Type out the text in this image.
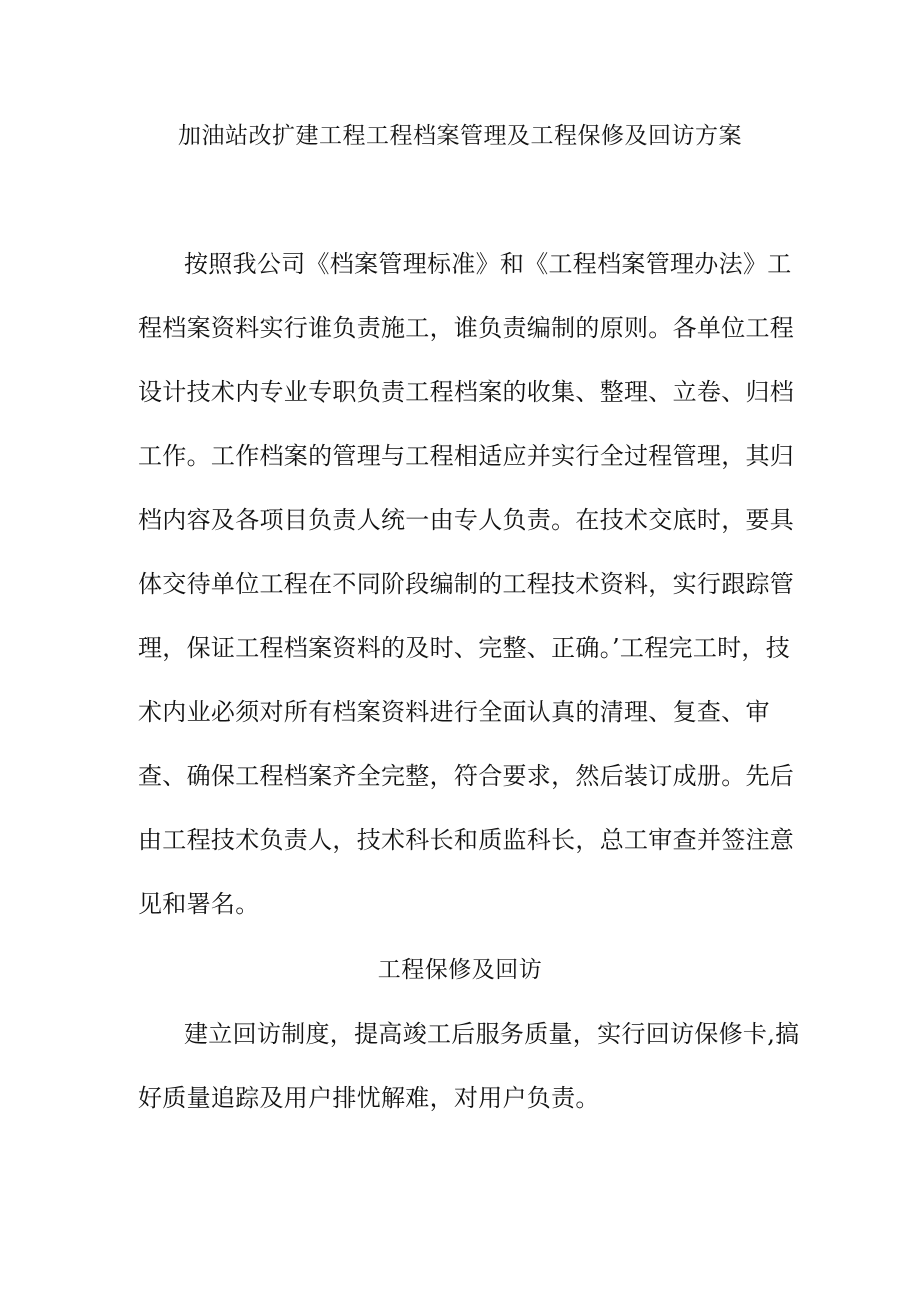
加油站改扩建工程工程档案管理及工程保修及回访方案
按照我公司《档案管理标准》和《工程档案管理办法》工
程档案资料实行谁负责施工，谁负责编制的原则。各单位工程
设计技术内专业专职负责工程档案的收集、整理、立卷、归档
工作。工作档案的管理与工程相适应并实行全过程管理，其归
档内容及各项目负责人统一由专人负责。在技术交底时，要具
体交待单位工程在不同阶段编制的工程技术资料，实行跟踪管
理，保证工程档案资料的及时、完整、正确。’工程完工时，技
术内业必须对所有档案资料进行全面认真的清理、复查、审
查、确保工程档案齐全完整，符合要求，然后装订成册。先后
由工程技术负责人，技术科长和质监科长，总工审查并签注意
见和署名。
工程保修及回访
建立回访制度，提高竣工后服务质量，实行回访保修卡,搞
好质量追踪及用户排忧解难，对用户负责。
